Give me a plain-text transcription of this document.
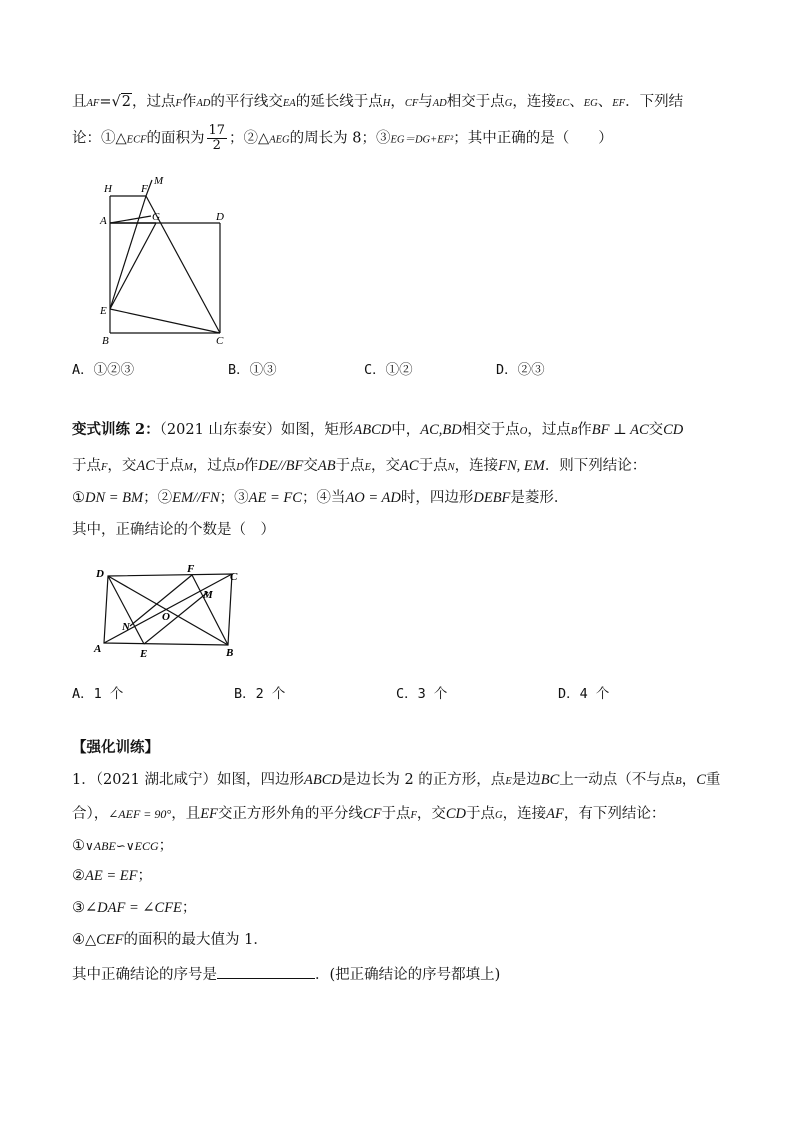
且AF=√2，过点F作AD的平行线交EA的延长线于点H，CF与AD相交于点G，连接EC、EG、EF．下列结
论：①△ECF的面积为 $\frac{17}{2}$ ；②△AEG的周长为 8；③EG＝DG+EF²；其中正确的是（　　）
H	F
M
A	G	D
E
B	C
A．①②③	B．①③	C．①②	D．②③
变式训练 2：（2021 山东泰安）如图，矩形ABCD中，AC,BD相交于点O，过点B作BF ⊥ AC交CD
于点F，交AC于点M，过点D作DE//BF交AB于点E，交AC于点N，连接FN, EM．则下列结论：
①DN = BM；②EM//FN；③AE = FC；④当AO = AD时，四边形DEBF是菱形．
其中，正确结论的个数是（　）
D	F
C
M
N
O
A	E	B
A．1 个	B．2 个	C．3 个	D．4 个
【强化训练】
1．（2021 湖北咸宁）如图，四边形ABCD是边长为 2 的正方形，点E是边BC上一动点（不与点B，C重
合），∠AEF = 90°，且EF交正方形外角的平分线CF于点F，交CD于点G，连接AF，有下列结论：
①∨ABE∽∨ECG；
②AE = EF；
③∠DAF = ∠CFE；
④△CEF的面积的最大值为 1．
其中正确结论的序号是	．(把正确结论的序号都填上)
